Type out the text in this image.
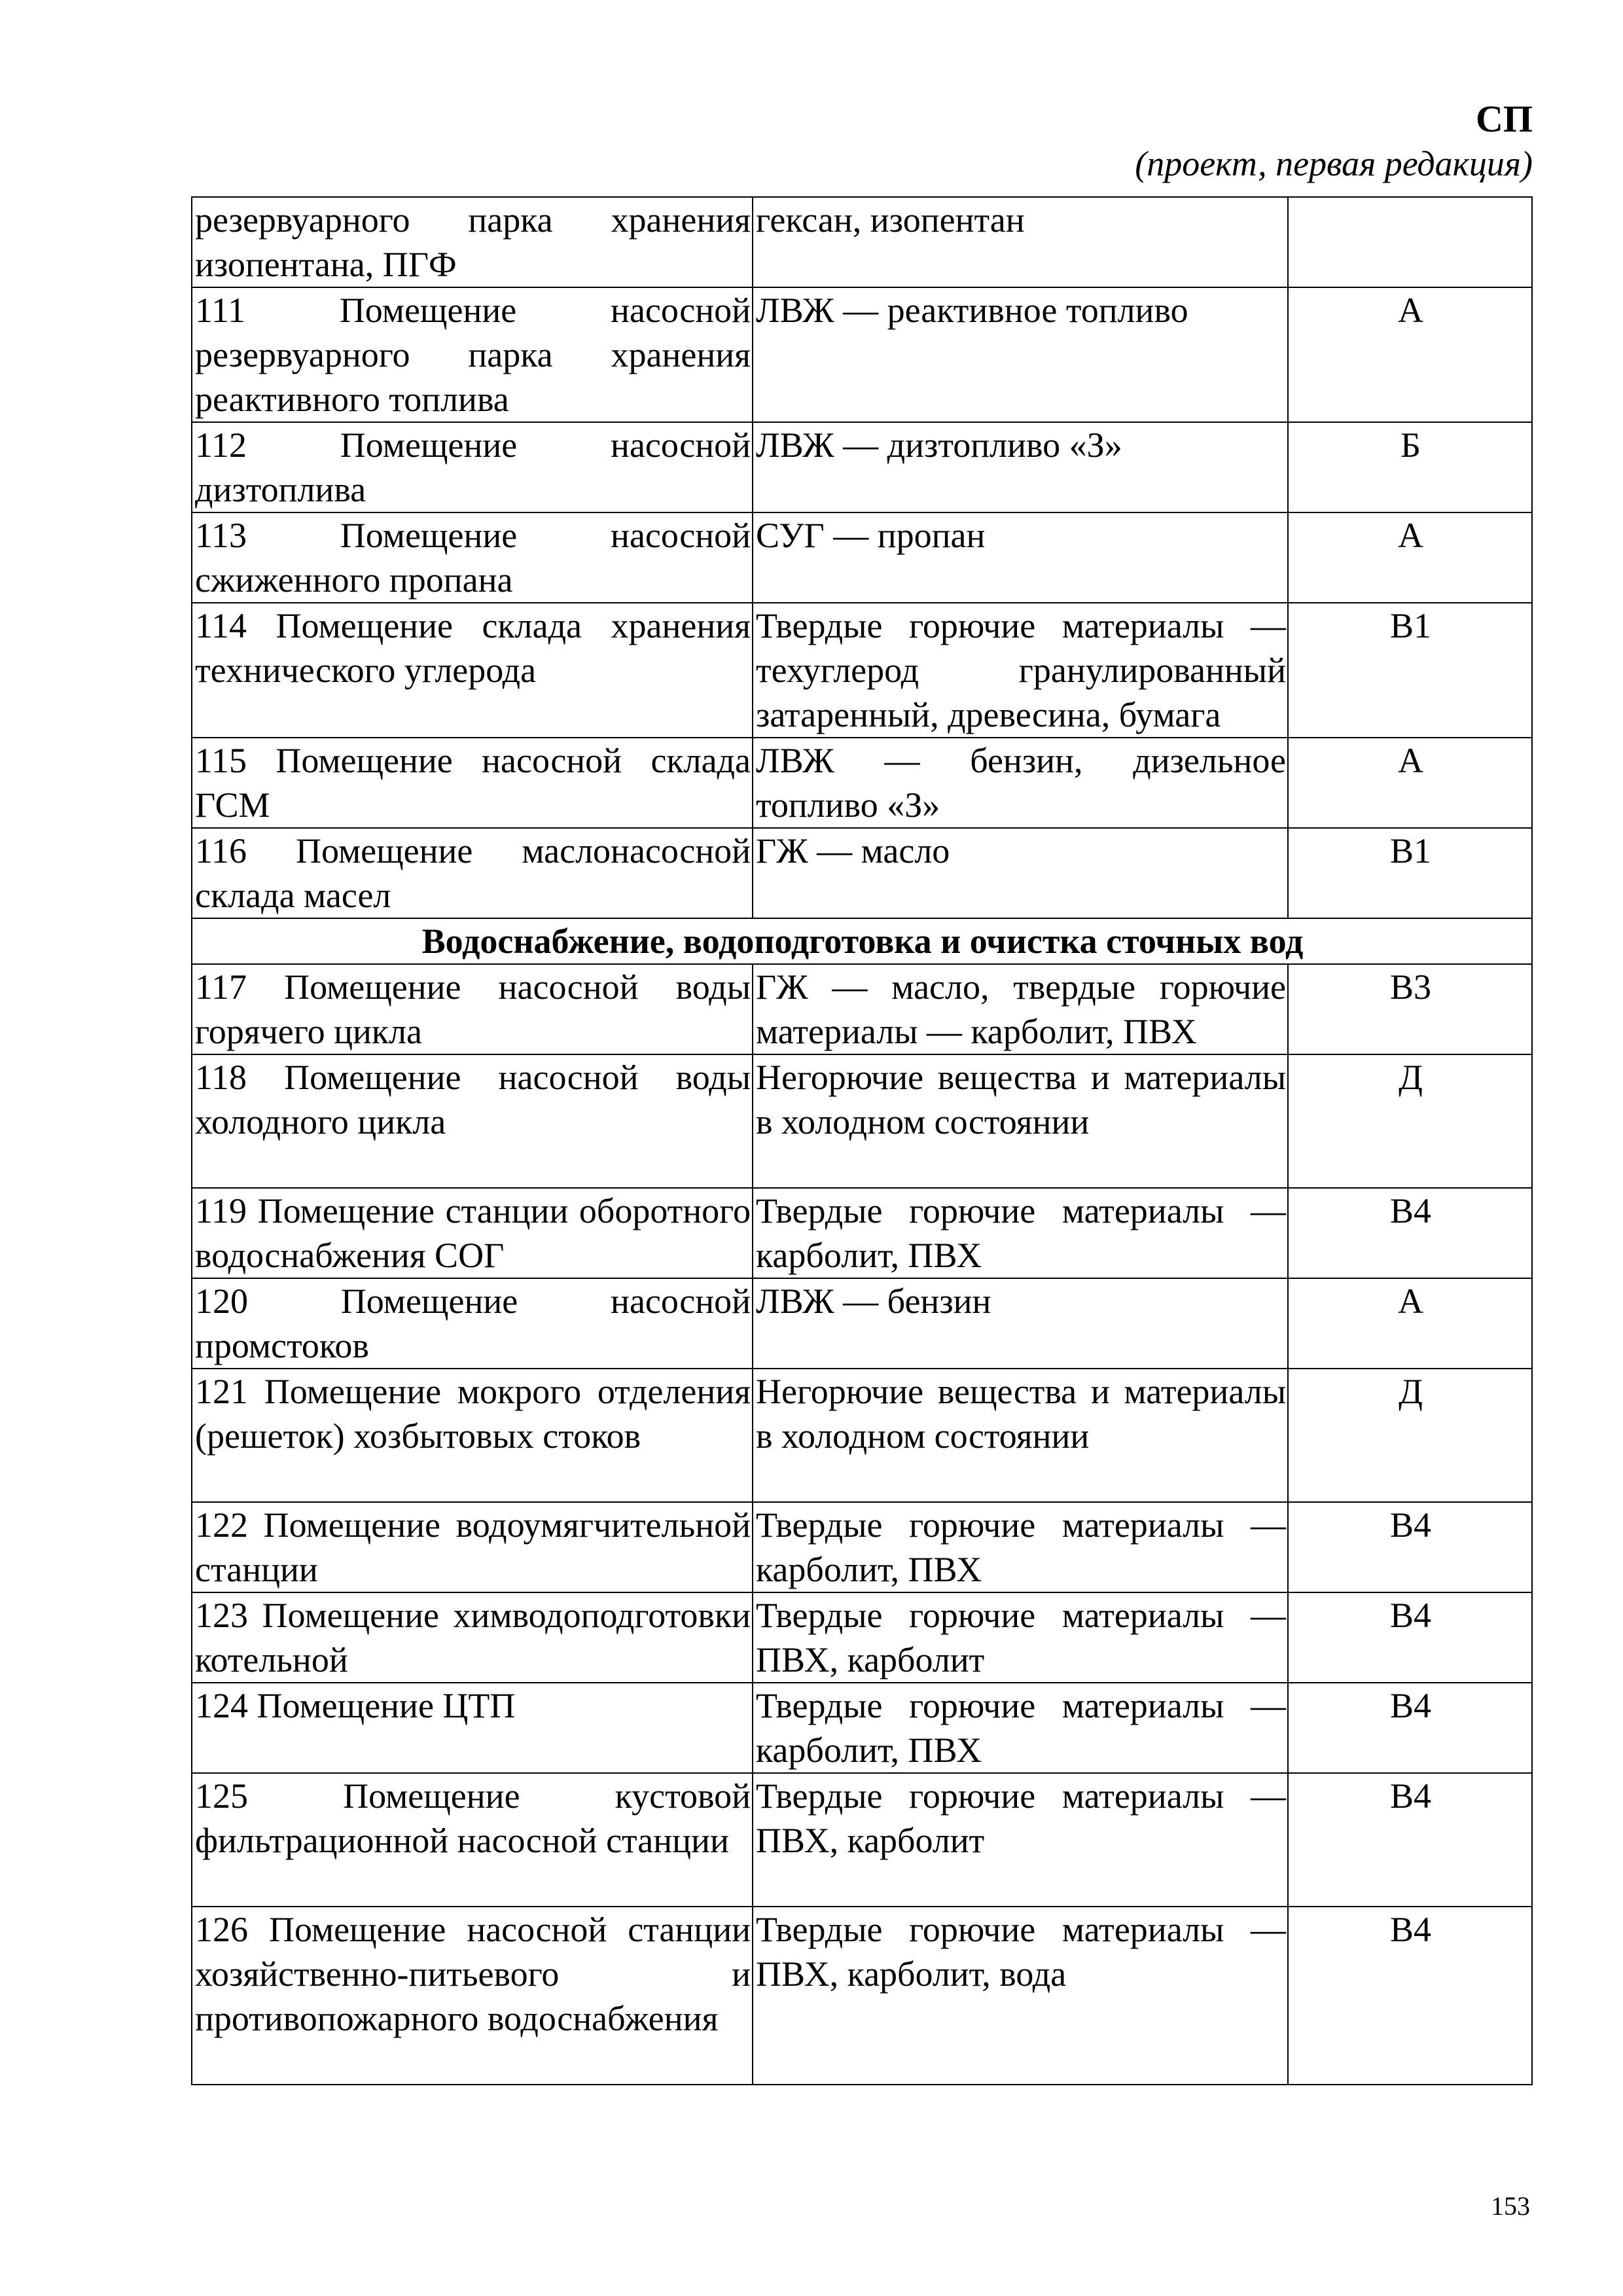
СП
(проект, первая редакция)
резервуарного парка хранения изопентана, ПГФ	гексан, изопентан	
111 Помещение насосной резервуарного парка хранения реактивного топлива	ЛВЖ — реактивное топливо	А
112 Помещение насосной дизтоплива	ЛВЖ — дизтопливо «З»	Б
113 Помещение насосной сжиженного пропана	СУГ — пропан	А
114 Помещение склада хранения технического углерода	Твердые горючие материалы — техуглерод гранулированный затаренный, древесина, бумага	В1
115 Помещение насосной склада ГСМ	ЛВЖ — бензин, дизельное топливо «З»	А
116 Помещение маслонасосной склада масел	ГЖ — масло	В1
Водоснабжение, водоподготовка и очистка сточных вод		
117 Помещение насосной воды горячего цикла	ГЖ — масло, твердые горючие материалы — карболит, ПВХ	В3
118 Помещение насосной воды холодного цикла	Негорючие вещества и материалы в холодном состоянии	Д
119 Помещение станции оборотного водоснабжения СОГ	Твердые горючие материалы — карболит, ПВХ	В4
120 Помещение насосной промстоков	ЛВЖ — бензин	А
121 Помещение мокрого отделения (решеток) хозбытовых стоков	Негорючие вещества и материалы в холодном состоянии	Д
122 Помещение водоумягчительной станции	Твердые горючие материалы — карболит, ПВХ	В4
123 Помещение химводоподготовки котельной	Твердые горючие материалы — ПВХ, карболит	В4
124 Помещение ЦТП	Твердые горючие материалы — карболит, ПВХ	В4
125 Помещение кустовой фильтрационной насосной станции	Твердые горючие материалы — ПВХ, карболит	В4
126 Помещение насосной станции хозяйственно-питьевого и противопожарного водоснабжения	Твердые горючие материалы — ПВХ, карболит, вода	В4
153
